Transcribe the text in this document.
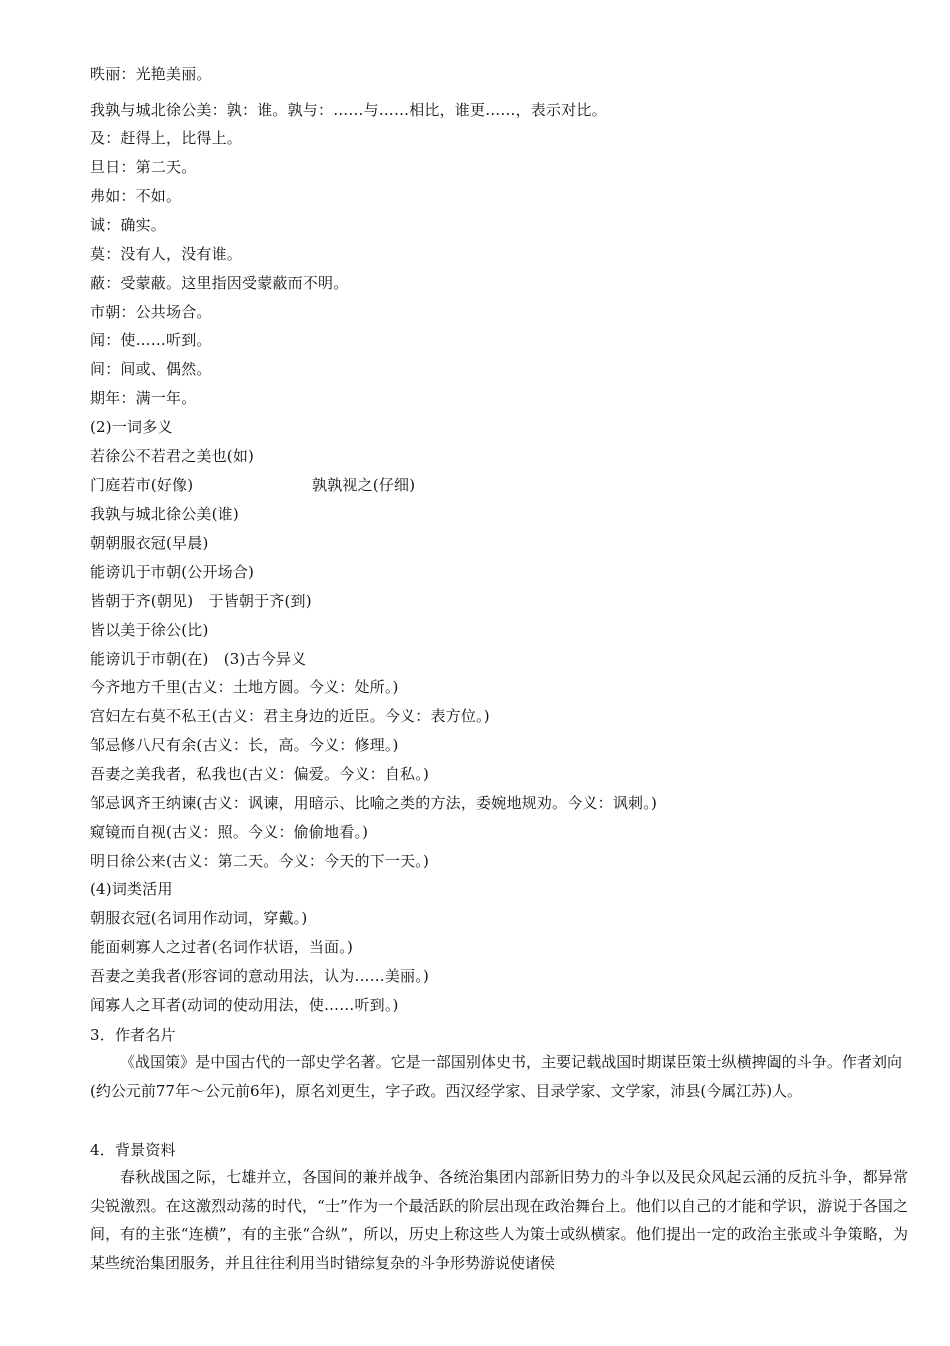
昳丽：光艳美丽。
我孰与城北徐公美：孰：谁。孰与：……与……相比，谁更……，表示对比。
及：赶得上，比得上。
旦日：第二天。
弗如：不如。
诚：确实。
莫：没有人，没有谁。
蔽：受蒙蔽。这里指因受蒙蔽而不明。
市朝：公共场合。
闻：使……听到。
间：间或、偶然。
期年：满一年。
(2)一词多义
若徐公不若君之美也(如)
门庭若市(好像)	孰孰视之(仔细)
我孰与城北徐公美(谁)
朝朝服衣冠(早晨)
能谤讥于市朝(公开场合)
皆朝于齐(朝见)　于皆朝于齐(到)
皆以美于徐公(比)
能谤讥于市朝(在)　(3)古今异义
今齐地方千里(古义：土地方圆。今义：处所。)
宫妇左右莫不私王(古义：君主身边的近臣。今义：表方位。)
邹忌修八尺有余(古义：长，高。今义：修理。)
吾妻之美我者，私我也(古义：偏爱。今义：自私。)
邹忌讽齐王纳谏(古义：讽谏，用暗示、比喻之类的方法，委婉地规劝。今义：讽刺。)
窥镜而自视(古义：照。今义：偷偷地看。)
明日徐公来(古义：第二天。今义：今天的下一天。)
(4)词类活用
朝服衣冠(名词用作动词，穿戴。)
能面刺寡人之过者(名词作状语，当面。)
吾妻之美我者(形容词的意动用法，认为……美丽。)
闻寡人之耳者(动词的使动用法，使……听到。)
3．作者名片
《战国策》是中国古代的一部史学名著。它是一部国别体史书，主要记载战国时期谋臣策士纵横捭阖的斗争。作者刘向(约公元前77年～公元前6年)，原名刘更生，字子政。西汉经学家、目录学家、文学家，沛县(今属江苏)人。
4．背景资料
春秋战国之际，七雄并立，各国间的兼并战争、各统治集团内部新旧势力的斗争以及民众风起云涌的反抗斗争，都异常尖锐激烈。在这激烈动荡的时代，“士”作为一个最活跃的阶层出现在政治舞台上。他们以自己的才能和学识，游说于各国之间，有的主张“连横”，有的主张“合纵”，所以，历史上称这些人为策士或纵横家。他们提出一定的政治主张或斗争策略，为某些统治集团服务，并且往往利用当时错综复杂的斗争形势游说使诸侯
